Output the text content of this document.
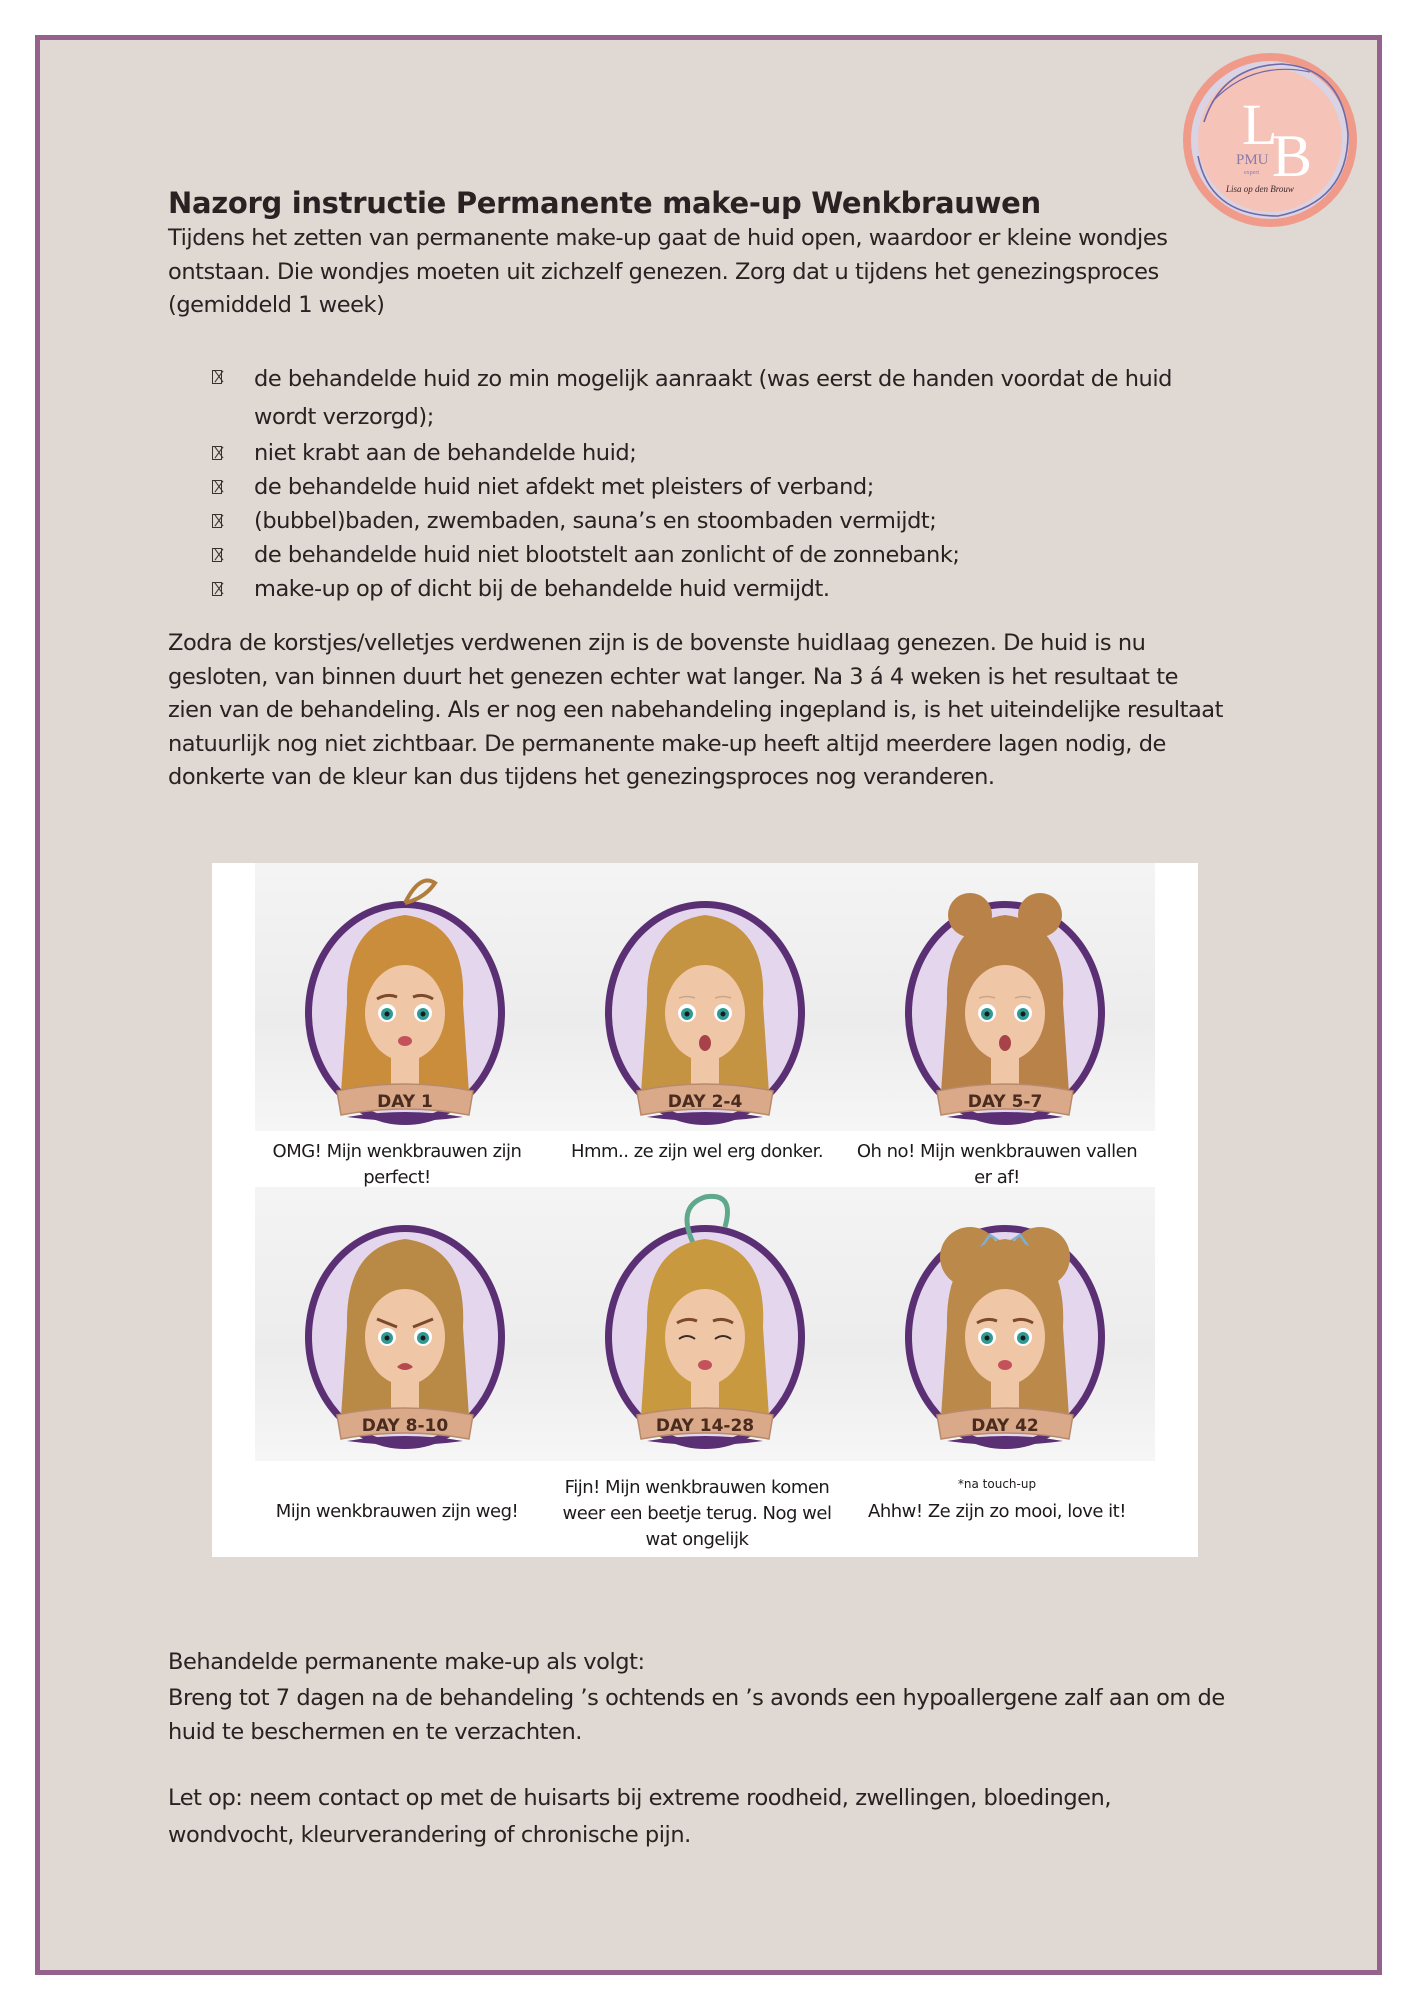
L
B
PMU
expert
Lisa op den Brouw
Nazorg instructie Permanente make-up Wenkbrauwen

Tijdens het zetten van permanente make-up gaat de huid open, waardoor er kleine wondjes ontstaan. Die wondjes moeten uit zichzelf genezen. Zorg dat u tijdens het genezingsproces (gemiddeld 1 week)

de behandelde huid zo min mogelijk aanraakt (was eerst de handen voordat de huid wordt verzorgd);
niet krabt aan de behandelde huid;
de behandelde huid niet afdekt met pleisters of verband;
(bubbel)baden, zwembaden, sauna’s en stoombaden vermijdt;
de behandelde huid niet blootstelt aan zonlicht of de zonnebank;
make-up op of dicht bij de behandelde huid vermijdt.

Zodra de korstjes/velletjes verdwenen zijn is de bovenste huidlaag genezen. De huid is nu gesloten, van binnen duurt het genezen echter wat langer. Na 3 á 4 weken is het resultaat te zien van de behandeling. Als er nog een nabehandeling ingepland is, is het uiteindelijke resultaat natuurlijk nog niet zichtbaar. De permanente make-up heeft altijd meerdere lagen nodig, de donkerte van de kleur kan dus tijdens het genezingsproces nog veranderen.

DAY 1
OMG! Mijn wenkbrauwen zijn perfect!
DAY 2-4
Hmm.. ze zijn wel erg donker.
DAY 5-7
Oh no! Mijn wenkbrauwen vallen er af!
DAY 8-10
Mijn wenkbrauwen zijn weg!
DAY 14-28
Fijn! Mijn wenkbrauwen komen weer een beetje terug. Nog wel wat ongelijk
DAY 42
Ahhw! Ze zijn zo mooi, love it!
*na touch-up

Behandelde permanente make-up als volgt:

Breng tot 7 dagen na de behandeling ’s ochtends en ’s avonds een hypoallergene zalf aan om de huid te beschermen en te verzachten.

Let op: neem contact op met de huisarts bij extreme roodheid, zwellingen, bloedingen, wondvocht, kleurverandering of chronische pijn.
